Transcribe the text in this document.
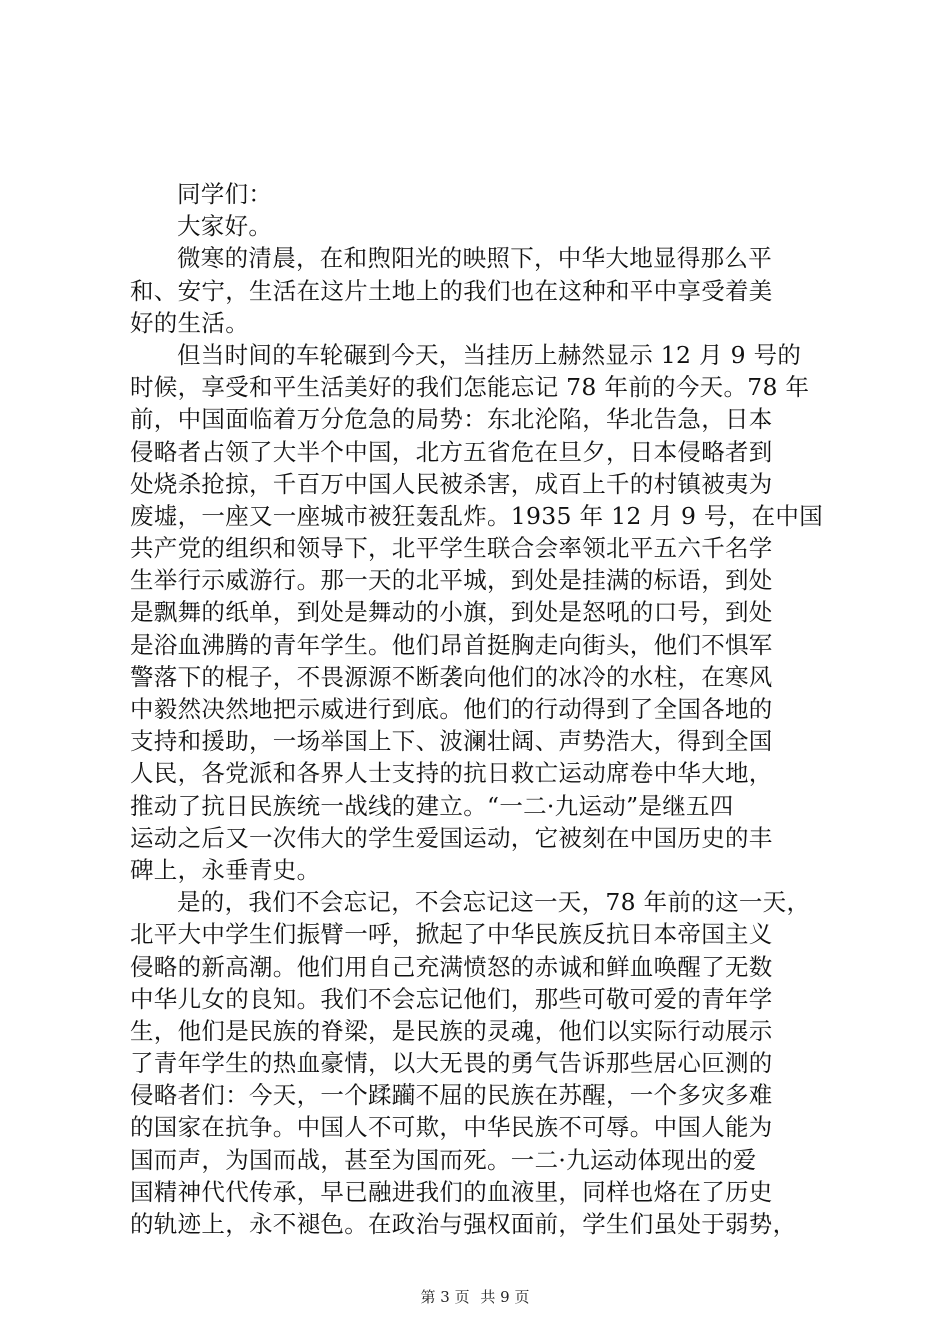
同学们：
大家好。
微寒的清晨，在和煦阳光的映照下，中华大地显得那么平
和、安宁，生活在这片土地上的我们也在这种和平中享受着美
好的生活。
但当时间的车轮碾到今天，当挂历上赫然显示 12 月 9 号的
时候，享受和平生活美好的我们怎能忘记 78 年前的今天。78 年
前，中国面临着万分危急的局势：东北沦陷，华北告急，日本
侵略者占领了大半个中国，北方五省危在旦夕，日本侵略者到
处烧杀抢掠，千百万中国人民被杀害，成百上千的村镇被夷为
废墟，一座又一座城市被狂轰乱炸。1935 年 12 月 9 号，在中国
共产党的组织和领导下，北平学生联合会率领北平五六千名学
生举行示威游行。那一天的北平城，到处是挂满的标语，到处
是飘舞的纸单，到处是舞动的小旗，到处是怒吼的口号，到处
是浴血沸腾的青年学生。他们昂首挺胸走向街头，他们不惧军
警落下的棍子，不畏源源不断袭向他们的冰冷的水柱，在寒风
中毅然决然地把示威进行到底。他们的行动得到了全国各地的
支持和援助，一场举国上下、波澜壮阔、声势浩大，得到全国
人民，各党派和各界人士支持的抗日救亡运动席卷中华大地，
推动了抗日民族统一战线的建立。“一二·九运动”是继五四
运动之后又一次伟大的学生爱国运动，它被刻在中国历史的丰
碑上，永垂青史。
是的，我们不会忘记，不会忘记这一天，78 年前的这一天，
北平大中学生们振臂一呼，掀起了中华民族反抗日本帝国主义
侵略的新高潮。他们用自己充满愤怒的赤诚和鲜血唤醒了无数
中华儿女的良知。我们不会忘记他们，那些可敬可爱的青年学
生，他们是民族的脊梁，是民族的灵魂，他们以实际行动展示
了青年学生的热血豪情，以大无畏的勇气告诉那些居心叵测的
侵略者们：今天，一个蹂躏不屈的民族在苏醒，一个多灾多难
的国家在抗争。中国人不可欺，中华民族不可辱。中国人能为
国而声，为国而战，甚至为国而死。一二·九运动体现出的爱
国精神代代传承，早已融进我们的血液里，同样也烙在了历史
的轨迹上，永不褪色。在政治与强权面前，学生们虽处于弱势，
第 3 页 共 9 页
